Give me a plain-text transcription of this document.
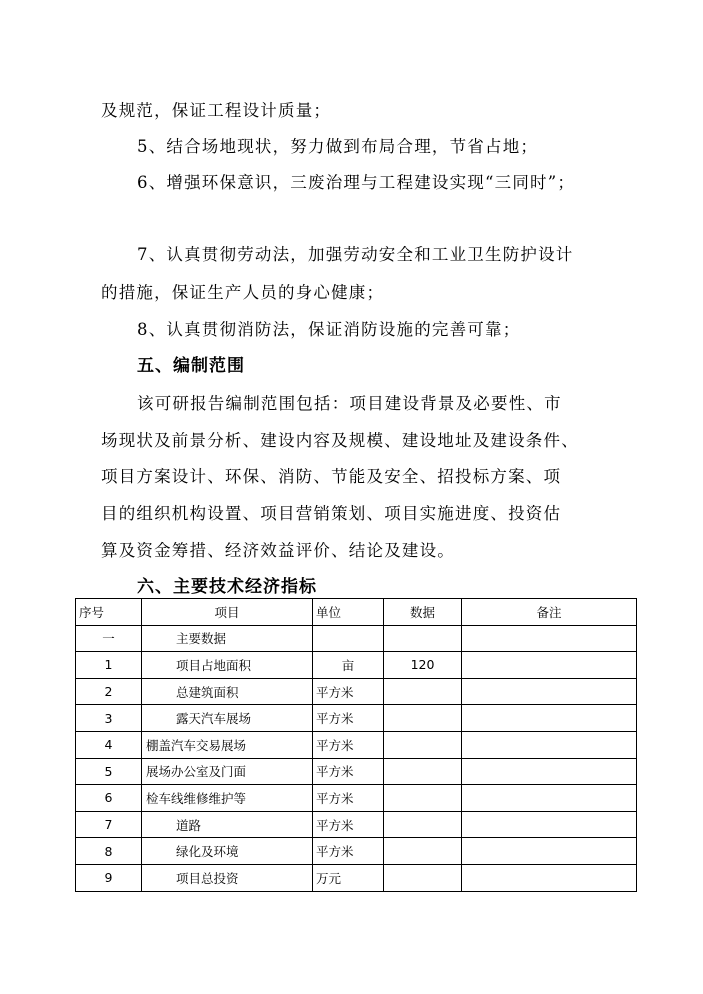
及规范，保证工程设计质量；
5、结合场地现状，努力做到布局合理，节省占地；
6、增强环保意识，三废治理与工程建设实现“三同时”；
7、认真贯彻劳动法，加强劳动安全和工业卫生防护设计
的措施，保证生产人员的身心健康；
8、认真贯彻消防法，保证消防设施的完善可靠；
五、编制范围
该可研报告编制范围包括：项目建设背景及必要性、市
场现状及前景分析、建设内容及规模、建设地址及建设条件、
项目方案设计、环保、消防、节能及安全、招投标方案、项
目的组织机构设置、项目营销策划、项目实施进度、投资估
算及资金筹措、经济效益评价、结论及建设。
六、主要技术经济指标
序号	项目	单位	数据	备注
一	主要数据			
1	项目占地面积	亩	120	
2	总建筑面积	平方米		
3	露天汽车展场	平方米		
4	棚盖汽车交易展场	平方米		
5	展场办公室及门面	平方米		
6	检车线维修维护等	平方米		
7	道路	平方米		
8	绿化及环境	平方米		
9	项目总投资	万元		
